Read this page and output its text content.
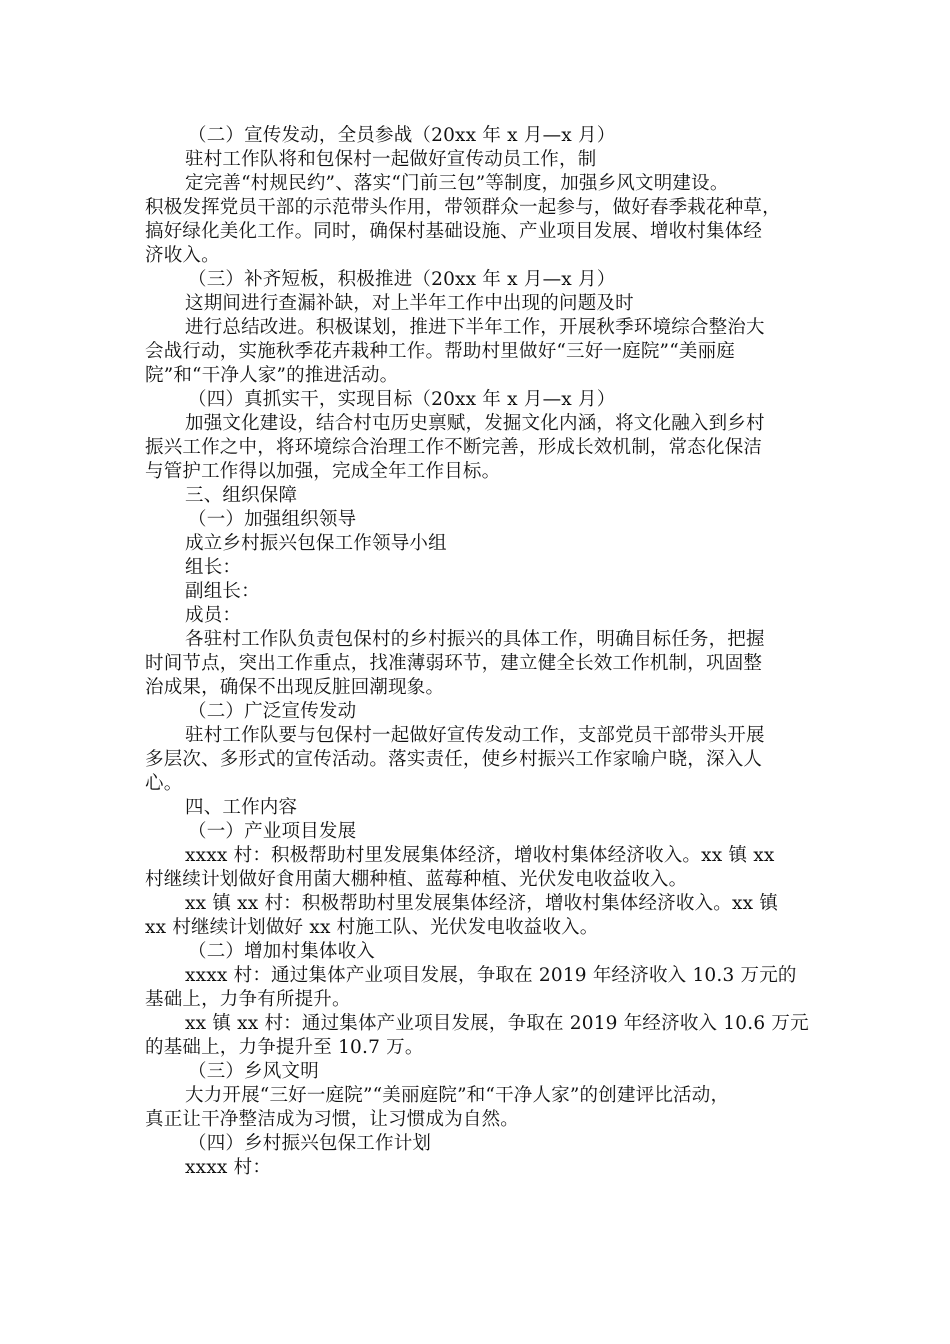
（二）宣传发动，全员参战（20xx 年 x 月—x 月）
驻村工作队将和包保村一起做好宣传动员工作，制
定完善“村规民约”、落实“门前三包”等制度，加强乡风文明建设。
积极发挥党员干部的示范带头作用，带领群众一起参与，做好春季栽花种草，
搞好绿化美化工作。同时，确保村基础设施、产业项目发展、增收村集体经
济收入。
（三）补齐短板，积极推进（20xx 年 x 月—x 月）
这期间进行查漏补缺，对上半年工作中出现的问题及时
进行总结改进。积极谋划，推进下半年工作，开展秋季环境综合整治大
会战行动，实施秋季花卉栽种工作。帮助村里做好“三好一庭院”“美丽庭
院”和“干净人家”的推进活动。
（四）真抓实干，实现目标（20xx 年 x 月—x 月）
加强文化建设，结合村屯历史禀赋，发掘文化内涵，将文化融入到乡村
振兴工作之中，将环境综合治理工作不断完善，形成长效机制，常态化保洁
与管护工作得以加强，完成全年工作目标。
三、组织保障
（一）加强组织领导
成立乡村振兴包保工作领导小组
组长：
副组长：
成员：
各驻村工作队负责包保村的乡村振兴的具体工作，明确目标任务，把握
时间节点，突出工作重点，找准薄弱环节，建立健全长效工作机制，巩固整
治成果，确保不出现反脏回潮现象。
（二）广泛宣传发动
驻村工作队要与包保村一起做好宣传发动工作，支部党员干部带头开展
多层次、多形式的宣传活动。落实责任，使乡村振兴工作家喻户晓，深入人
心。
四、工作内容
（一）产业项目发展
xxxx 村：积极帮助村里发展集体经济，增收村集体经济收入。xx 镇 xx
村继续计划做好食用菌大棚种植、蓝莓种植、光伏发电收益收入。
xx 镇 xx 村：积极帮助村里发展集体经济，增收村集体经济收入。xx 镇
xx 村继续计划做好 xx 村施工队、光伏发电收益收入。
（二）增加村集体收入
xxxx 村：通过集体产业项目发展，争取在 2019 年经济收入 10.3 万元的
基础上，力争有所提升。
xx 镇 xx 村：通过集体产业项目发展，争取在 2019 年经济收入 10.6 万元
的基础上，力争提升至 10.7 万。
（三）乡风文明
大力开展“三好一庭院”“美丽庭院”和“干净人家”的创建评比活动，
真正让干净整洁成为习惯，让习惯成为自然。
（四）乡村振兴包保工作计划
xxxx 村：
